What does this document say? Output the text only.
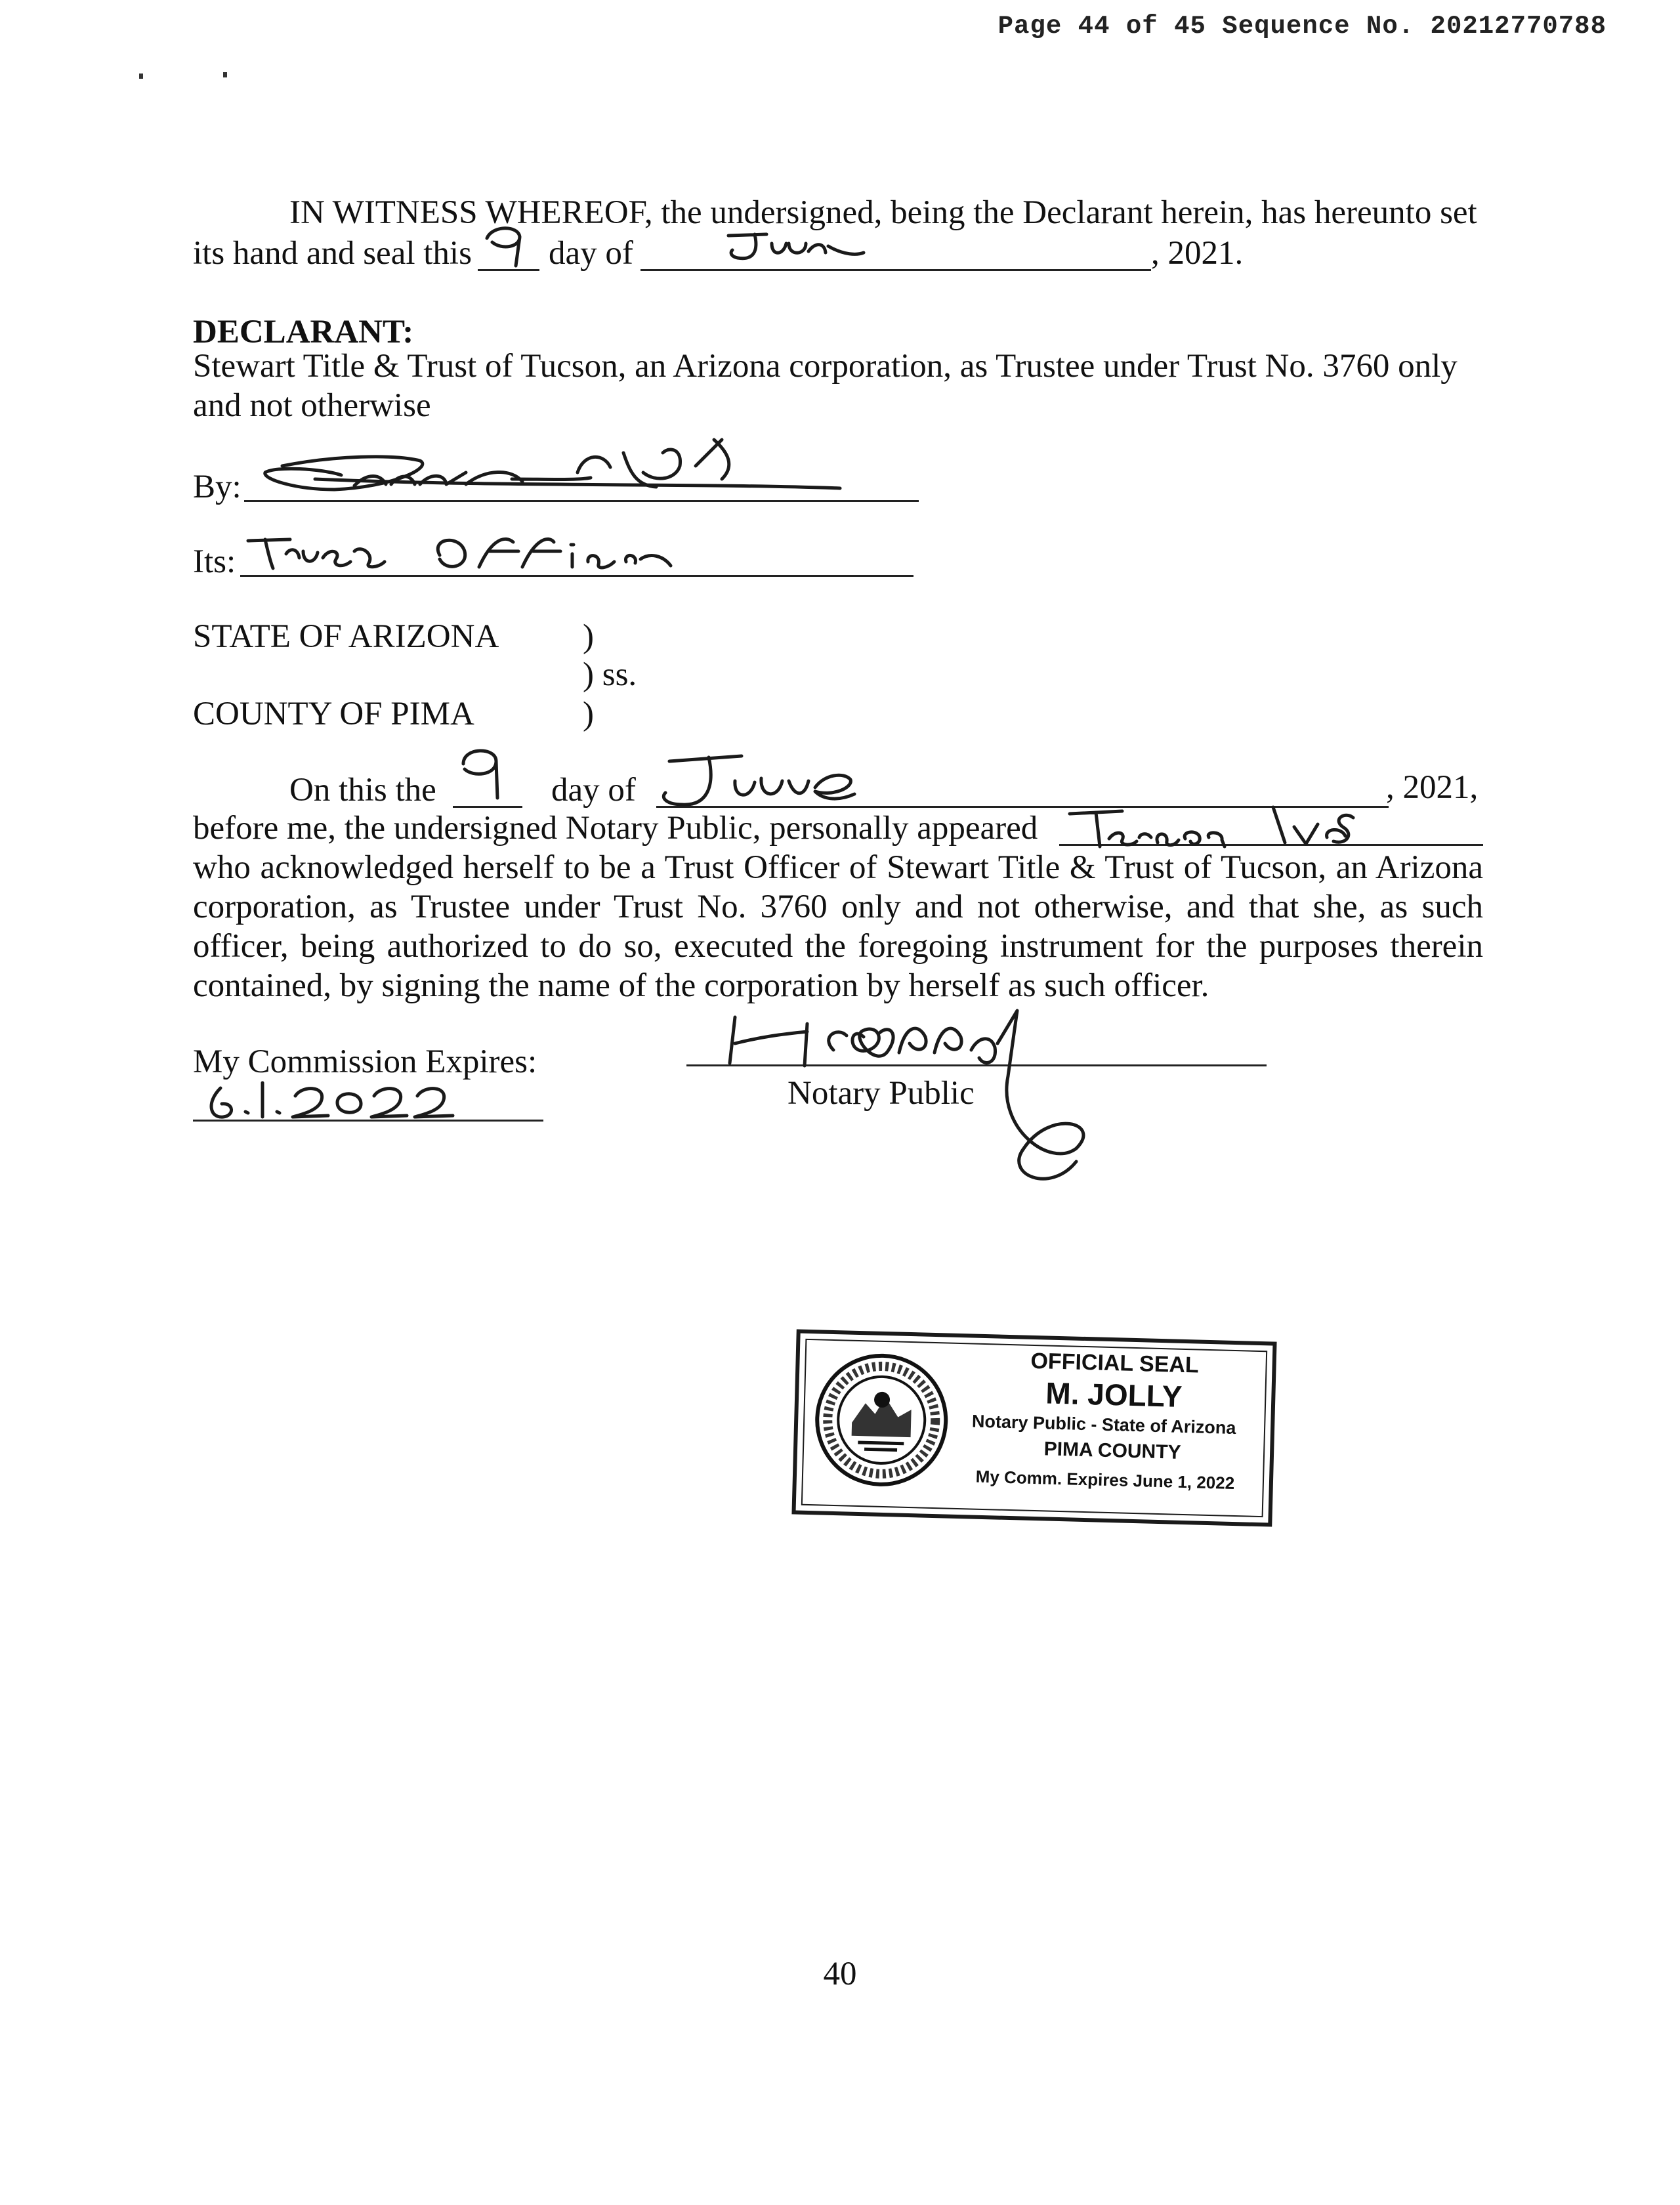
Page 44 of 45 Sequence No. 20212770788
IN WITNESS WHEREOF, the undersigned, being the Declarant herein, has hereunto set
its hand and seal this day of	, 2021.
DECLARANT:
Stewart Title & Trust of Tucson, an Arizona corporation, as Trustee under Trust No. 3760 only
and not otherwise
By:
Its:
STATE OF ARIZONA	)
) ss.
COUNTY OF PIMA	)
On this the	day of	, 2021,
before me, the undersigned Notary Public, personally appeared
who acknowledged herself to be a Trust Officer of Stewart Title & Trust of Tucson, an Arizona
corporation, as Trustee under Trust No. 3760 only and not otherwise, and that she, as such
officer, being authorized to do so, executed the foregoing instrument for the purposes therein
contained, by signing the name of the corporation by herself as such officer.
My Commission Expires:
Notary Public
OFFICIAL SEAL
M. JOLLY
Notary Public - State of Arizona
PIMA COUNTY
My Comm. Expires June 1, 2022
40
